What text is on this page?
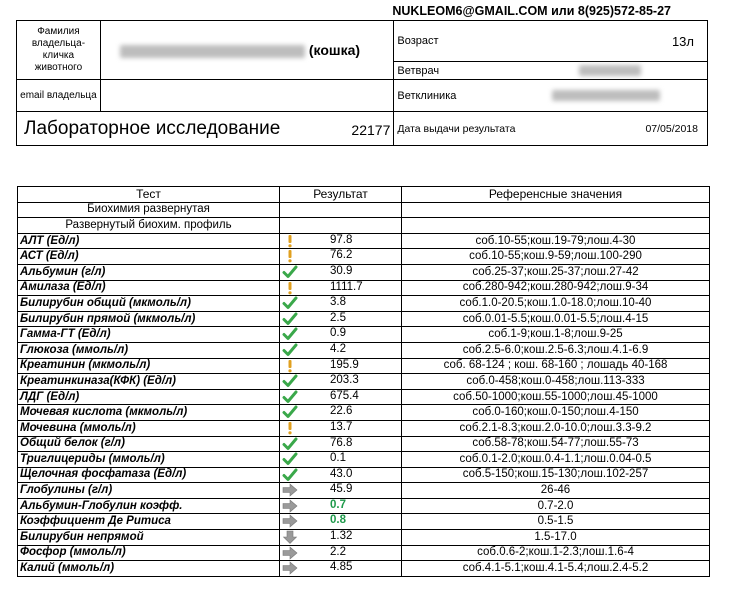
NUKLEOM6@GMAIL.COM или 8(925)572-85-27
Фамилия владельца-кличка животного	(кошка)	Возраст 13л
Ветврач

email владельца		Ветклиника
Лабораторное исследование 22177		Дата выдачи результата 07/05/2018
Тест	Результат	Референсные значения
Биохимия развернутая		
Развернутый биохим. профиль		
АЛТ (Ед/л)	97.8	соб.10-55;кош.19-79;лош.4-30
АСТ (Ед/л)	76.2	соб.10-55;кош.9-59;лош.100-290
Альбумин (г/л)	30.9	соб.25-37;кош.25-37;лош.27-42
Амилаза (Ед/л)	1111.7	соб.280-942;кош.280-942;лош.9-34
Билирубин общий (мкмоль/л)	3.8	соб.1.0-20.5;кош.1.0-18.0;лош.10-40
Билирубин прямой (мкмоль/л)	2.5	соб.0.01-5.5;кош.0.01-5.5;лош.4-15
Гамма-ГТ (Ед/л)	0.9	соб.1-9;кош.1-8;лош.9-25
Глюкоза (ммоль/л)	4.2	соб.2.5-6.0;кош.2.5-6.3;лош.4.1-6.9
Креатинин (мкмоль/л)	195.9	соб. 68-124 ; кош. 68-160 ; лошадь 40-168
Креатинкиназа(КФК) (Ед/л)	203.3	соб.0-458;кош.0-458;лош.113-333
ЛДГ (Ед/л)	675.4	соб.50-1000;кош.55-1000;лош.45-1000
Мочевая кислота (мкмоль/л)	22.6	соб.0-160;кош.0-150;лош.4-150
Мочевина (ммоль/л)	13.7	соб.2.1-8.3;кош.2.0-10.0;лош.3.3-9.2
Общий белок (г/л)	76.8	соб.58-78;кош.54-77;лош.55-73
Триглицериды (ммоль/л)	0.1	соб.0.1-2.0;кош.0.4-1.1;лош.0.04-0.5
Щелочная фосфатаза (Ед/л)	43.0	соб.5-150;кош.15-130;лош.102-257
Глобулины (г/л)	45.9	26-46
Альбумин-Глобулин коэфф.	0.7	0.7-2.0
Коэффициент Де Ритиса	0.8	0.5-1.5
Билирубин непрямой	1.32	1.5-17.0
Фосфор (ммоль/л)	2.2	соб.0.6-2;кош.1-2.3;лош.1.6-4
Калий (ммоль/л)	4.85	соб.4.1-5.1;кош.4.1-5.4;лош.2.4-5.2
